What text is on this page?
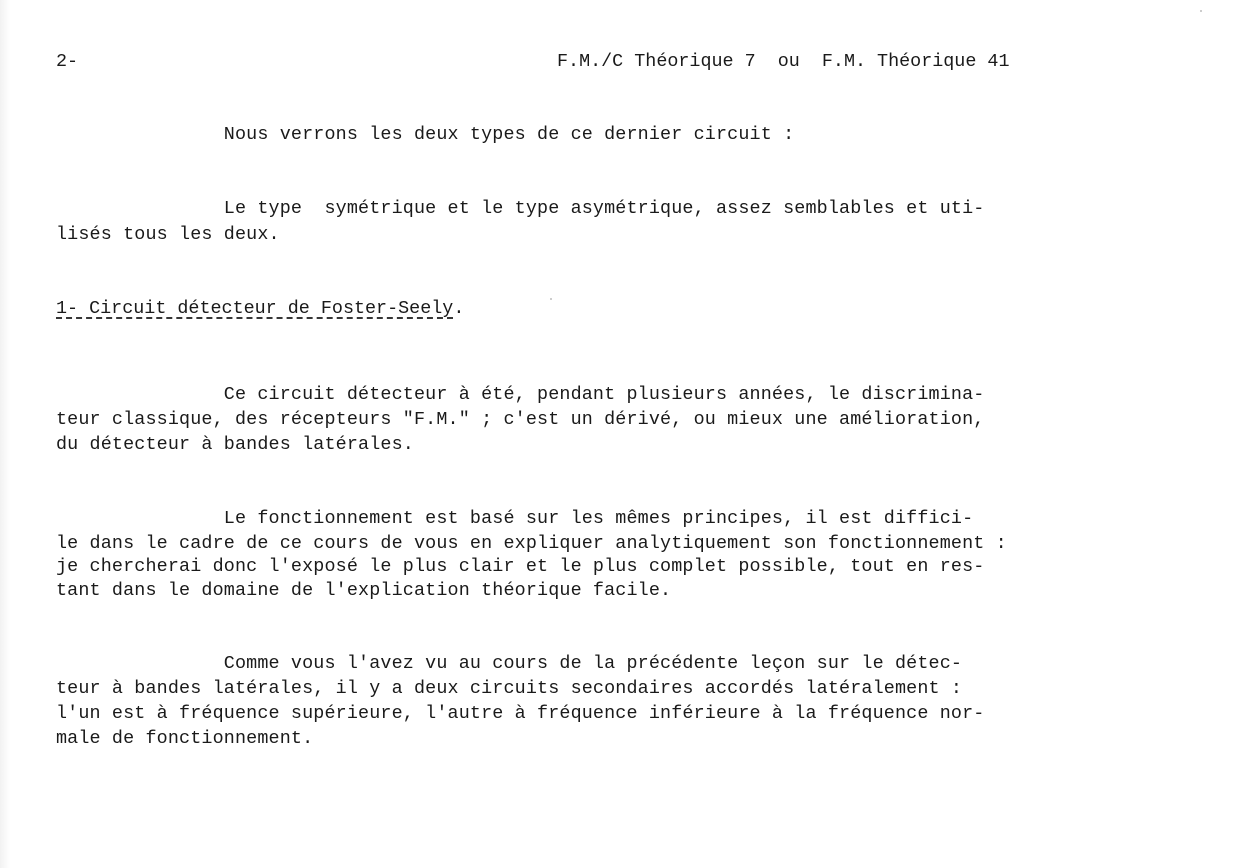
2-	F.M./C Théorique 7  ou  F.M. Théorique 41
Nous verrons les deux types de ce dernier circuit :
Le type  symétrique et le type asymétrique, assez semblables et uti-
lisés tous les deux.
1- Circuit détecteur de Foster-Seely.
Ce circuit détecteur à été, pendant plusieurs années, le discrimina-
teur classique, des récepteurs "F.M." ; c'est un dérivé, ou mieux une amélioration,
du détecteur à bandes latérales.
Le fonctionnement est basé sur les mêmes principes, il est diffici-
le dans le cadre de ce cours de vous en expliquer analytiquement son fonctionnement :
je chercherai donc l'exposé le plus clair et le plus complet possible, tout en res-
tant dans le domaine de l'explication théorique facile.
Comme vous l'avez vu au cours de la précédente leçon sur le détec-
teur à bandes latérales, il y a deux circuits secondaires accordés latéralement :
l'un est à fréquence supérieure, l'autre à fréquence inférieure à la fréquence nor-
male de fonctionnement.
